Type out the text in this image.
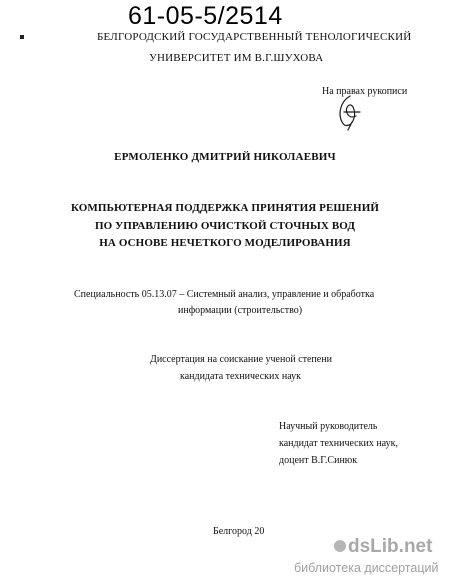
61-05-5/2514
БЕЛГОРОДСКИЙ ГОСУДАРСТВЕННЫЙ ТЕНОЛОГИЧЕСКИЙ
УНИВЕРСИТЕТ ИМ В.Г.ШУХОВА
На правах рукописи
ЕРМОЛЕНКО ДМИТРИЙ НИКОЛАЕВИЧ
КОМПЬЮТЕРНАЯ ПОДДЕРЖКА ПРИНЯТИЯ РЕШЕНИЙ
ПО УПРАВЛЕНИЮ ОЧИСТКОЙ СТОЧНЫХ ВОД
НА ОСНОВЕ НЕЧЕТКОГО МОДЕЛИРОВАНИЯ
Специальность 05.13.07 – Системный анализ, управление и обработка
информации (строительство)
Диссертация на соискание ученой степени
кандидата технических наук
Научный руководитель
кандидат технических наук,
доцент В.Г.Синюк
Белгород 20
dsLib.net
библиотека диссертаций
